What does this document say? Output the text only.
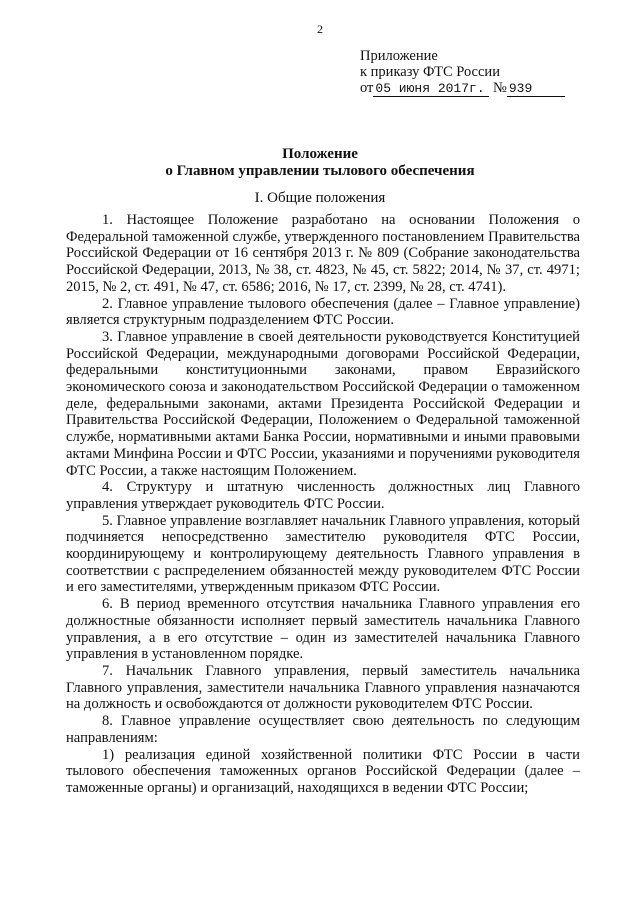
2
Приложение
к приказу ФТС России
от 05 июня 2017г. № 939
Положение
о Главном управлении тылового обеспечения
I. Общие положения

1. Настоящее Положение разработано на основании Положения о Федеральной таможенной службе, утвержденного постановлением Правительства Российской Федерации от 16 сентября 2013 г. № 809 (Собрание законодательства Российской Федерации, 2013, № 38, ст. 4823, № 45, ст. 5822; 2014, № 37, ст. 4971; 2015, № 2, ст. 491, № 47, ст. 6586; 2016, № 17, ст. 2399, № 28, ст. 4741).

2. Главное управление тылового обеспечения (далее – Главное управление) является структурным подразделением ФТС России.

3. Главное управление в своей деятельности руководствуется Конституцией Российской Федерации, международными договорами Российской Федерации, федеральными конституционными законами, правом Евразийского экономического союза и законодательством Российской Федерации о таможенном деле, федеральными законами, актами Президента Российской Федерации и Правительства Российской Федерации, Положением о Федеральной таможенной службе, нормативными актами Банка России, нормативными и иными правовыми актами Минфина России и ФТС России, указаниями и поручениями руководителя ФТС России, а также настоящим Положением.

4. Структуру и штатную численность должностных лиц Главного управления утверждает руководитель ФТС России.

5. Главное управление возглавляет начальник Главного управления, который подчиняется непосредственно заместителю руководителя ФТС России, координирующему и контролирующему деятельность Главного управления в соответствии с распределением обязанностей между руководителем ФТС России и его заместителями, утвержденным приказом ФТС России.

6. В период временного отсутствия начальника Главного управления его должностные обязанности исполняет первый заместитель начальника Главного управления, а в его отсутствие – один из заместителей начальника Главного управления в установленном порядке.

7. Начальник Главного управления, первый заместитель начальника Главного управления, заместители начальника Главного управления назначаются на должность и освобождаются от должности руководителем ФТС России.

8. Главное управление осуществляет свою деятельность по следующим направлениям:

1) реализация единой хозяйственной политики ФТС России в части тылового обеспечения таможенных органов Российской Федерации (далее – таможенные органы) и организаций, находящихся в ведении ФТС России;
